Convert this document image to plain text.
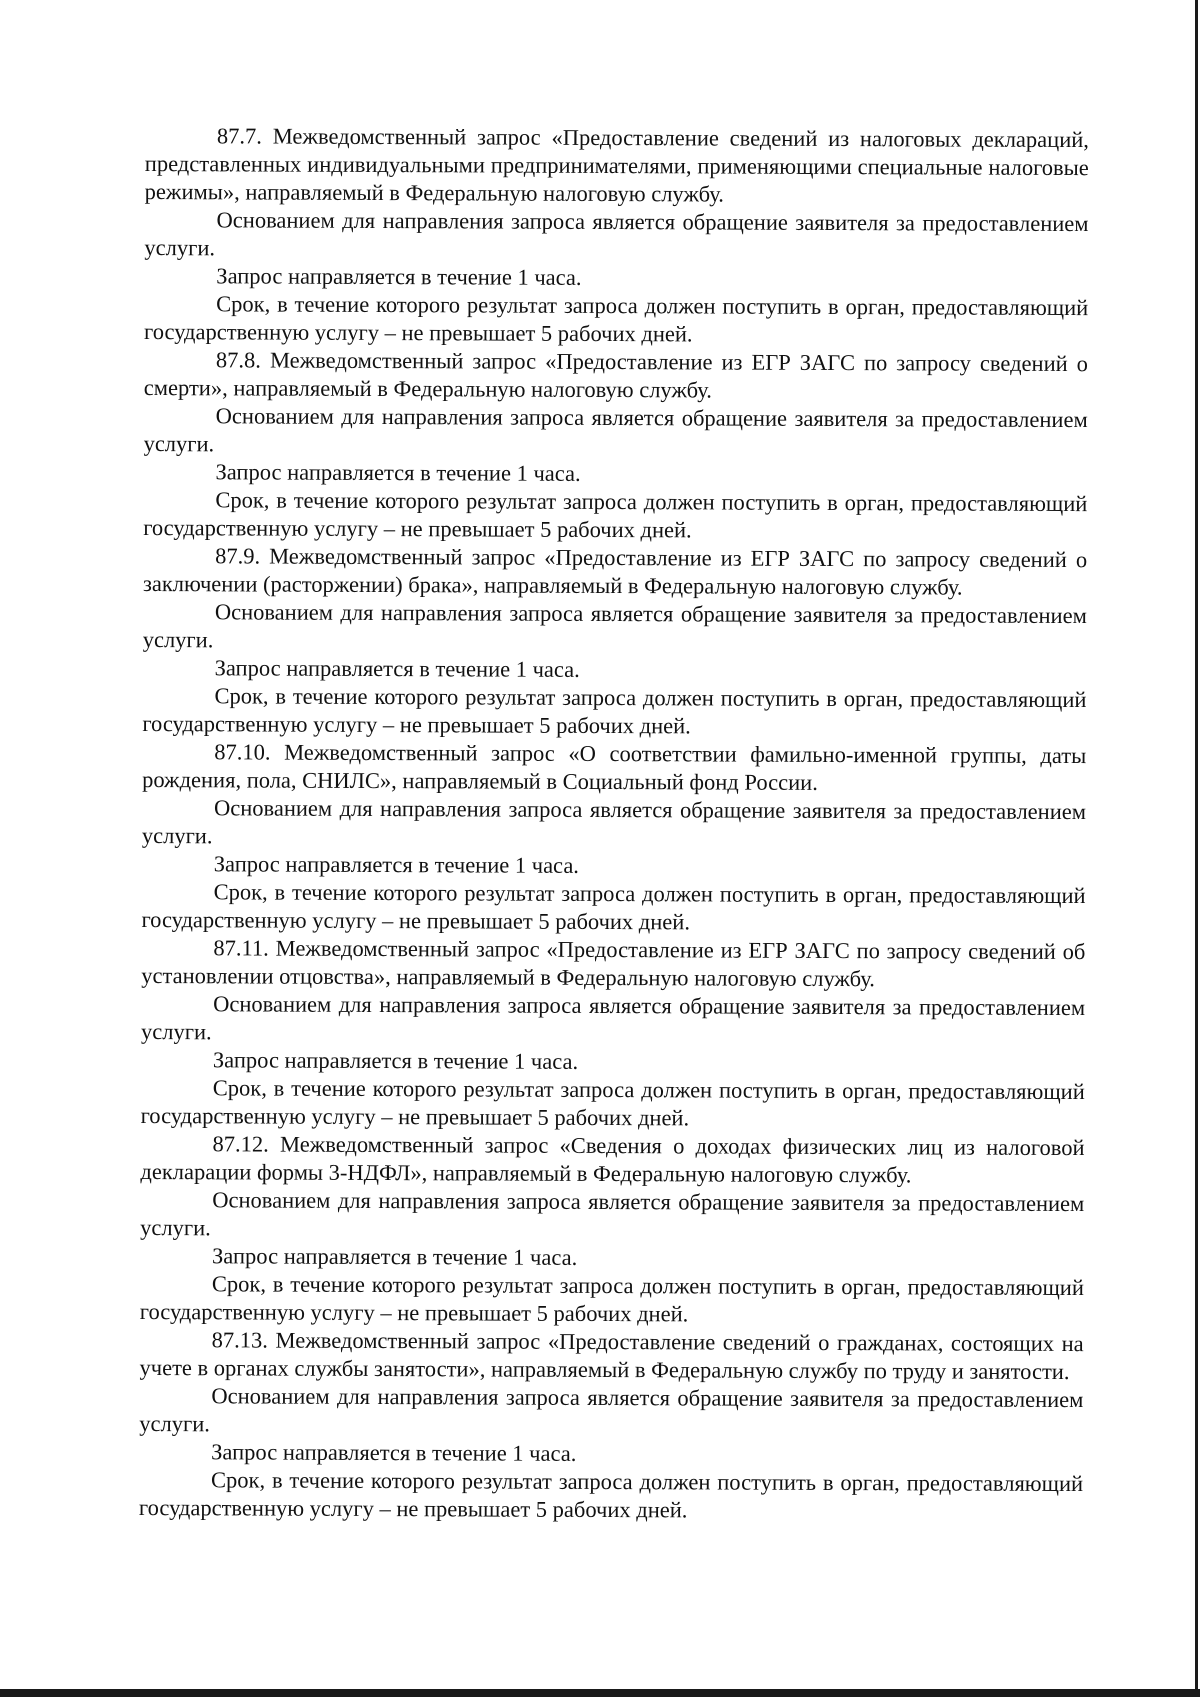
87.7. Межведомственный запрос «Предоставление сведений из налоговых деклараций, представленных индивидуальными предпринимателями, применяющими специальные налоговые режимы», направляемый в Федеральную налоговую службу.

Основанием для направления запроса является обращение заявителя за предоставлением услуги.

Запрос направляется в течение 1 часа.

Срок, в течение которого результат запроса должен поступить в орган, предоставляющий государственную услугу – не превышает 5 рабочих дней.

87.8. Межведомственный запрос «Предоставление из ЕГР ЗАГС по запросу сведений о смерти», направляемый в Федеральную налоговую службу.

Основанием для направления запроса является обращение заявителя за предоставлением услуги.

Запрос направляется в течение 1 часа.

Срок, в течение которого результат запроса должен поступить в орган, предоставляющий государственную услугу – не превышает 5 рабочих дней.

87.9. Межведомственный запрос «Предоставление из ЕГР ЗАГС по запросу сведений о заключении (расторжении) брака», направляемый в Федеральную налоговую службу.

Основанием для направления запроса является обращение заявителя за предоставлением услуги.

Запрос направляется в течение 1 часа.

Срок, в течение которого результат запроса должен поступить в орган, предоставляющий государственную услугу – не превышает 5 рабочих дней.

87.10. Межведомственный запрос «О соответствии фамильно-именной группы, даты рождения, пола, СНИЛС», направляемый в Социальный фонд России.

Основанием для направления запроса является обращение заявителя за предоставлением услуги.

Запрос направляется в течение 1 часа.

Срок, в течение которого результат запроса должен поступить в орган, предоставляющий государственную услугу – не превышает 5 рабочих дней.

87.11. Межведомственный запрос «Предоставление из ЕГР ЗАГС по запросу сведений об установлении отцовства», направляемый в Федеральную налоговую службу.

Основанием для направления запроса является обращение заявителя за предоставлением услуги.

Запрос направляется в течение 1 часа.

Срок, в течение которого результат запроса должен поступить в орган, предоставляющий государственную услугу – не превышает 5 рабочих дней.

87.12. Межведомственный запрос «Сведения о доходах физических лиц из налоговой декларации формы 3-НДФЛ», направляемый в Федеральную налоговую службу.

Основанием для направления запроса является обращение заявителя за предоставлением услуги.

Запрос направляется в течение 1 часа.

Срок, в течение которого результат запроса должен поступить в орган, предоставляющий государственную услугу – не превышает 5 рабочих дней.

87.13. Межведомственный запрос «Предоставление сведений о гражданах, состоящих на учете в органах службы занятости», направляемый в Федеральную службу по труду и занятости.

Основанием для направления запроса является обращение заявителя за предоставлением услуги.

Запрос направляется в течение 1 часа.

Срок, в течение которого результат запроса должен поступить в орган, предоставляющий государственную услугу – не превышает 5 рабочих дней.
